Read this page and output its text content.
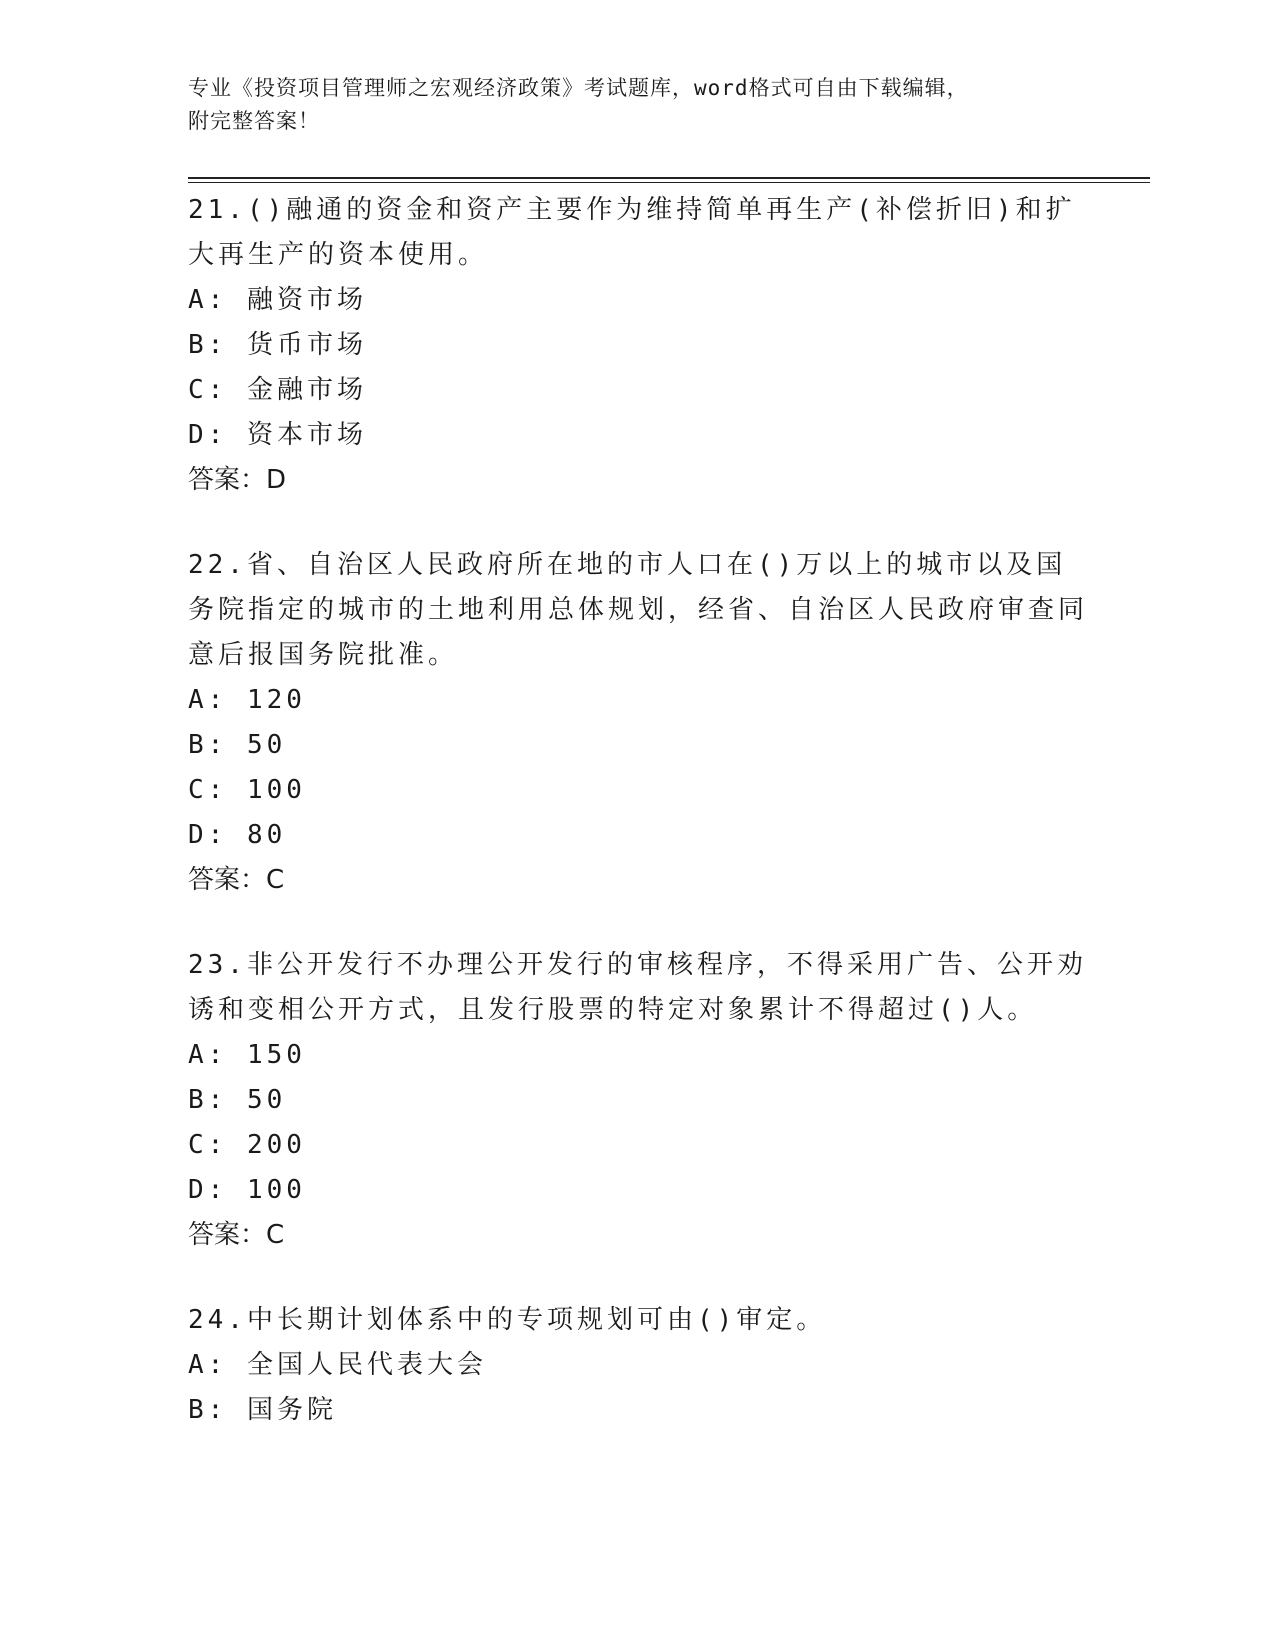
专业《投资项目管理师之宏观经济政策》考试题库，word格式可自由下载编辑，
附完整答案！

21.()融通的资金和资产主要作为维持简单再生产(补偿折旧)和扩大再生产的资本使用。

A: 融资市场

B: 货币市场

C: 金融市场

D: 资本市场

答案：D

22.省、自治区人民政府所在地的市人口在()万以上的城市以及国务院指定的城市的土地利用总体规划，经省、自治区人民政府审查同意后报国务院批准。

A: 120

B: 50

C: 100

D: 80

答案：C

23.非公开发行不办理公开发行的审核程序，不得采用广告、公开劝诱和变相公开方式，且发行股票的特定对象累计不得超过()人。

A: 150

B: 50

C: 200

D: 100

答案：C

24.中长期计划体系中的专项规划可由()审定。

A: 全国人民代表大会

B: 国务院
